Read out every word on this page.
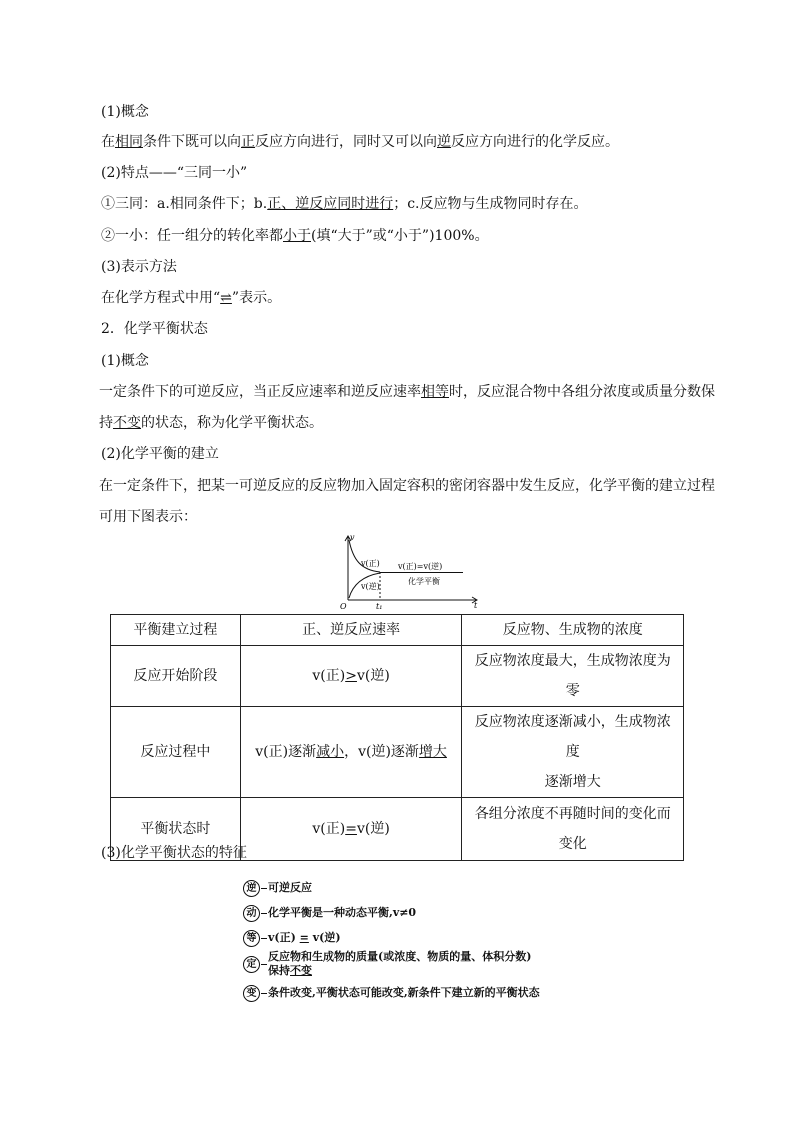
(1)概念
在相同条件下既可以向正反应方向进行，同时又可以向逆反应方向进行的化学反应。
(2)特点——“三同一小”
①三同：a.相同条件下；b.正、逆反应同时进行；c.反应物与生成物同时存在。
②一小：任一组分的转化率都小于(填“大于”或“小于”)100%。
(3)表示方法
在化学方程式中用“⇌”表示。
2．化学平衡状态
(1)概念
一定条件下的可逆反应，当正反应速率和逆反应速率相等时，反应混合物中各组分浓度或质量分数保
持不变的状态，称为化学平衡状态。
(2)化学平衡的建立
在一定条件下，把某一可逆反应的反应物加入固定容积的密闭容器中发生反应，化学平衡的建立过程
可用下图表示：
v
t
O	t₁
v(正)
v(逆)
v(正)=v(逆)
化学平衡
平衡建立过程	正、逆反应速率	反应物、生成物的浓度
反应开始阶段	v(正)>v(逆)	反应物浓度最大，生成物浓度为零
反应过程中	v(正)逐渐减小，v(逆)逐渐增大	反应物浓度逐渐减小，生成物浓度
逐渐增大

平衡状态时	v(正)=v(逆)	各组分浓度不再随时间的变化而
变化
(3)化学平衡状态的特征
逆 可逆反应
动 化学平衡是一种动态平衡,v≠0
等 v(正) = v(逆)
定反应物和生成物的质量(或浓度、物质的量、体积分数)
保持不变
变 条件改变,平衡状态可能改变,新条件下建立新的平衡状态
